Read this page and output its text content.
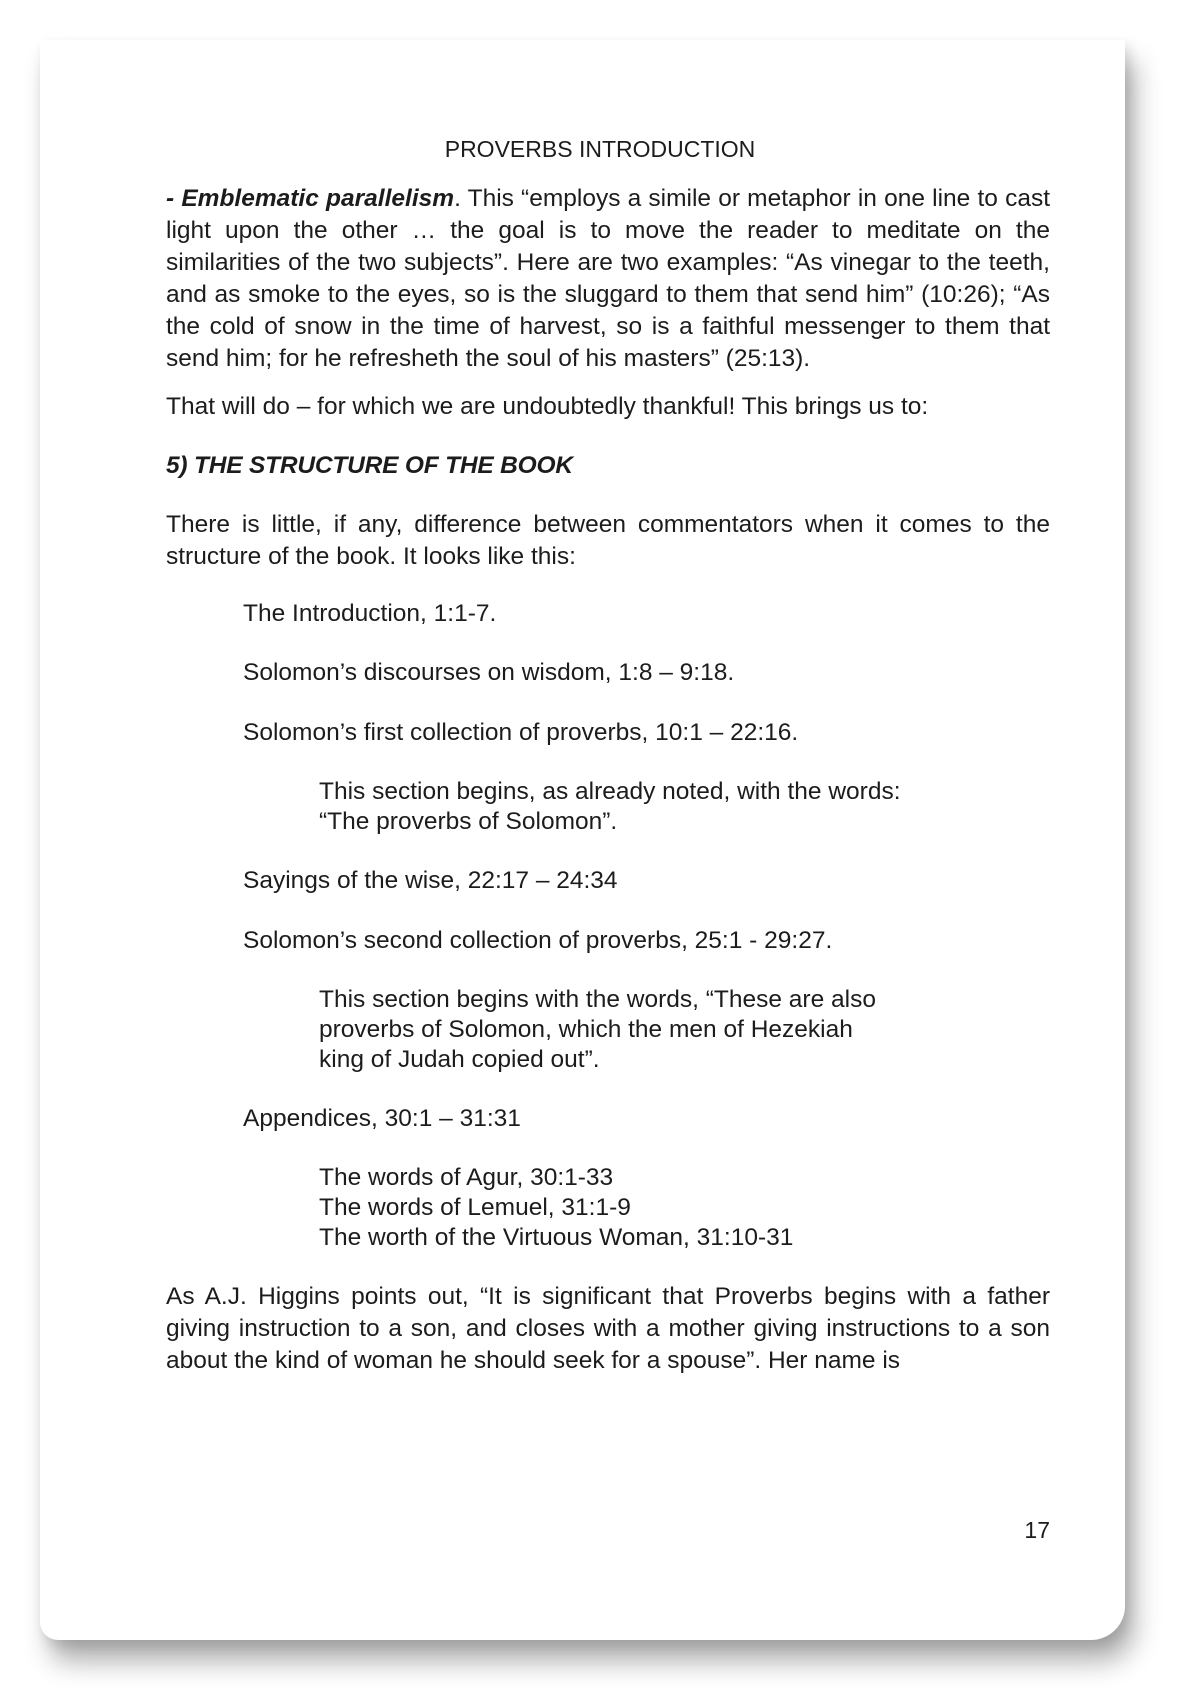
PROVERBS INTRODUCTION

- Emblematic parallelism. This “employs a simile or metaphor in one line to cast light upon the other … the goal is to move the reader to meditate on the similarities of the two subjects”. Here are two examples: “As vinegar to the teeth, and as smoke to the eyes, so is the sluggard to them that send him” (10:26); “As the cold of snow in the time of harvest, so is a faithful messenger to them that send him; for he refresheth the soul of his masters” (25:13).

That will do – for which we are undoubtedly thankful! This brings us to:

5) THE STRUCTURE OF THE BOOK

There is little, if any, difference between commentators when it comes to the structure of the book. It looks like this:

The Introduction, 1:1-7.

Solomon’s discourses on wisdom, 1:8 – 9:18.

Solomon’s first collection of proverbs, 10:1 – 22:16.

This section begins, as already noted, with the words:

“The proverbs of Solomon”.

Sayings of the wise, 22:17 – 24:34

Solomon’s second collection of proverbs, 25:1 - 29:27.

This section begins with the words, “These are also

proverbs of Solomon, which the men of Hezekiah

king of Judah copied out”.

Appendices, 30:1 – 31:31

The words of Agur, 30:1-33

The words of Lemuel, 31:1-9

The worth of the Virtuous Woman, 31:10-31

As A.J. Higgins points out, “It is significant that Proverbs begins with a father giving instruction to a son, and closes with a mother giving instructions to a son about the kind of woman he should seek for a spouse”. Her name is

17
